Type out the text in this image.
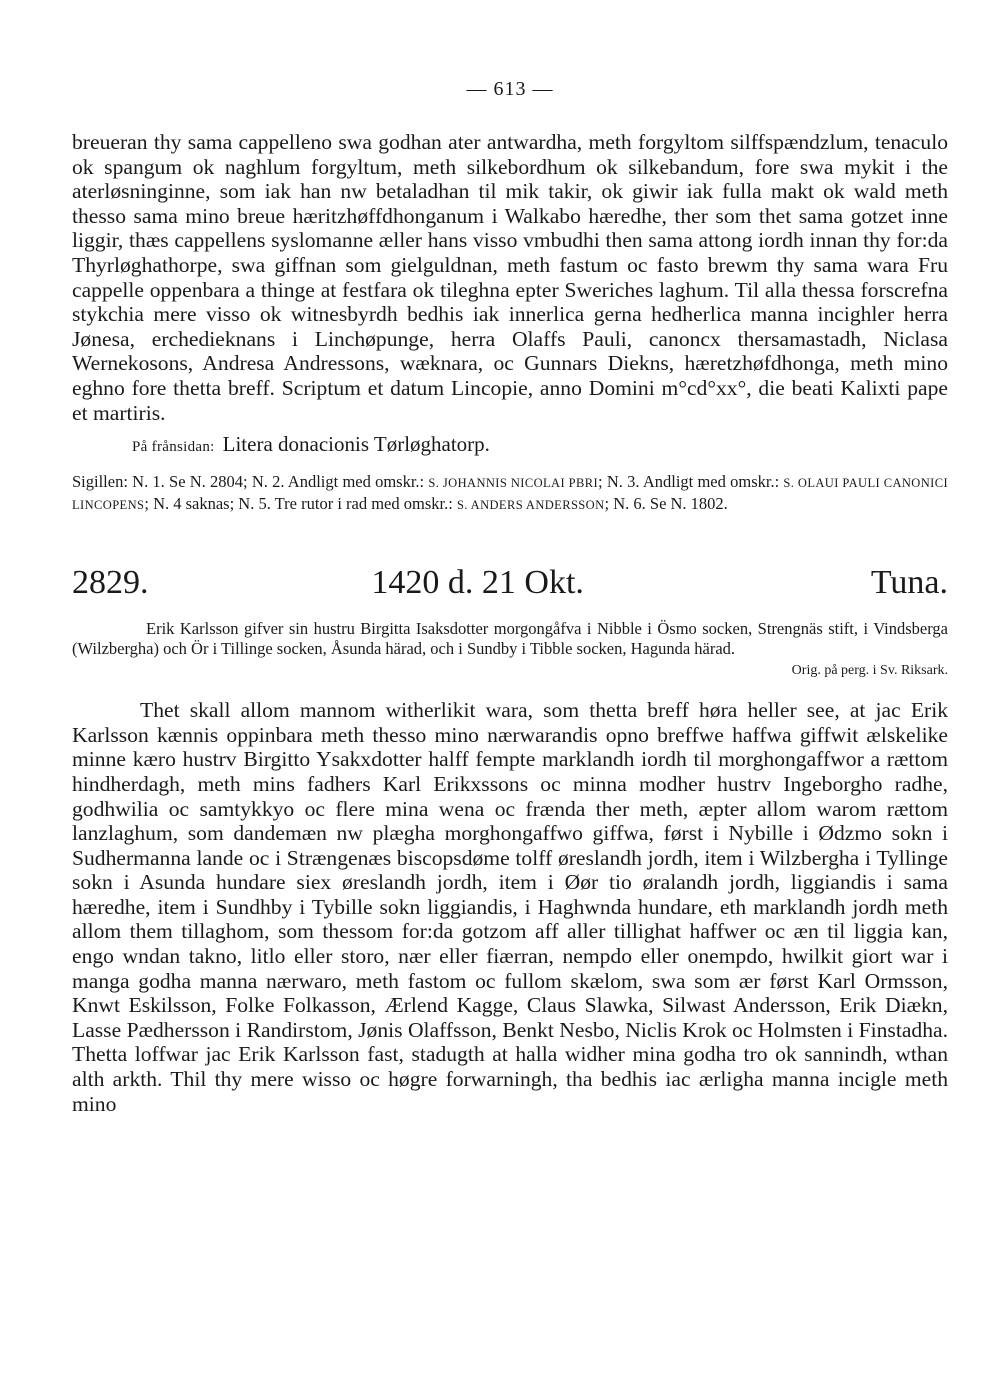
— 613 —

breueran thy sama cappelleno swa godhan ater antwardha, meth forgyltom silffspændzlum, tenaculo ok spangum ok naghlum forgyltum, meth silkebordhum ok silkebandum, fore swa mykit i the aterløsninginne, som iak han nw betaladhan til mik takir, ok giwir iak fulla makt ok wald meth thesso sama mino breue hæritzhøffdhonganum i Walkabo hæredhe, ther som thet sama gotzet inne liggir, thæs cappellens syslomanne æller hans visso vmbudhi then sama attong iordh innan thy for:da Thyrløghathorpe, swa giffnan som gielguldnan, meth fastum oc fasto brewm thy sama wara Fru cappelle oppenbara a thinge at festfara ok tileghna epter Sweriches laghum. Til alla thessa forscrefna stykchia mere visso ok witnesbyrdh bedhis iak innerlica gerna hedherlica manna incighler herra Jønesa, erchedieknans i Linchøpunge, herra Olaffs Pauli, canoncx thersamastadh, Niclasa Wernekosons, Andresa Andressons, wæknara, oc Gunnars Diekns, hæretzhøfdhonga, meth mino eghno fore thetta breff. Scriptum et datum Lincopie, anno Domini m°cd°xx°, die beati Kalixti pape et martiris.

På frånsidan: Litera donacionis Tørløghatorp.
Sigillen: N. 1. Se N. 2804; N. 2. Andligt med omskr.: S. JOHANNIS NICOLAI PBRI; N. 3. Andligt med omskr.: S. OLAUI PAULI CANONICI LINCOPENS; N. 4 saknas; N. 5. Tre rutor i rad med omskr.: S. ANDERS ANDERSSON; N. 6. Se N. 1802.
2829.	1420 d. 21 Okt.	Tuna.
Erik Karlsson gifver sin hustru Birgitta Isaksdotter morgongåfva i Nibble i Ösmo socken, Strengnäs stift, i Vindsberga (Wilzbergha) och Ör i Tillinge socken, Åsunda härad, och i Sundby i Tibble socken, Hagunda härad.
Orig. på perg. i Sv. Riksark.
Thet skall allom mannom witherlikit wara, som thetta breff høra heller see, at jac Erik Karlsson kænnis oppinbara meth thesso mino nærwarandis opno breffwe haffwa giffwit ælskelike minne kæro hustrv Birgitto Ysakxdotter halff fempte marklandh iordh til morghongaffwor a rættom hindherdagh, meth mins fadhers Karl Erikxssons oc minna modher hustrv Ingeborgho radhe, godhwilia oc samtykkyo oc flere mina wena oc frænda ther meth, æpter allom warom rættom lanzlaghum, som dandemæn nw plægha morghongaffwo giffwa, først i Nybille i Ødzmo sokn i Sudhermanna lande oc i Strængenæs biscopsdøme tolff øreslandh jordh, item i Wilzbergha i Tyllinge sokn i Asunda hundare siex øreslandh jordh, item i Øør tio øralandh jordh, liggiandis i sama hæredhe, item i Sundhby i Tybille sokn liggiandis, i Haghwnda hundare, eth marklandh jordh meth allom them tillaghom, som thessom for:da gotzom aff aller tillighat haffwer oc æn til liggia kan, engo wndan takno, litlo eller storo, nær eller fiærran, nempdo eller onempdo, hwilkit giort war i manga godha manna nærwaro, meth fastom oc fullom skælom, swa som ær først Karl Ormsson, Knwt Eskilsson, Folke Folkasson, Ærlend Kagge, Claus Slawka, Silwast Andersson, Erik Diækn, Lasse Pædhersson i Randirstom, Jønis Olaffsson, Benkt Nesbo, Niclis Krok oc Holmsten i Finstadha. Thetta loffwar jac Erik Karlsson fast, stadugth at halla widher mina godha tro ok sannindh, wthan alth arkth. Thil thy mere wisso oc høgre forwarningh, tha bedhis iac ærligha manna incigle meth mino
